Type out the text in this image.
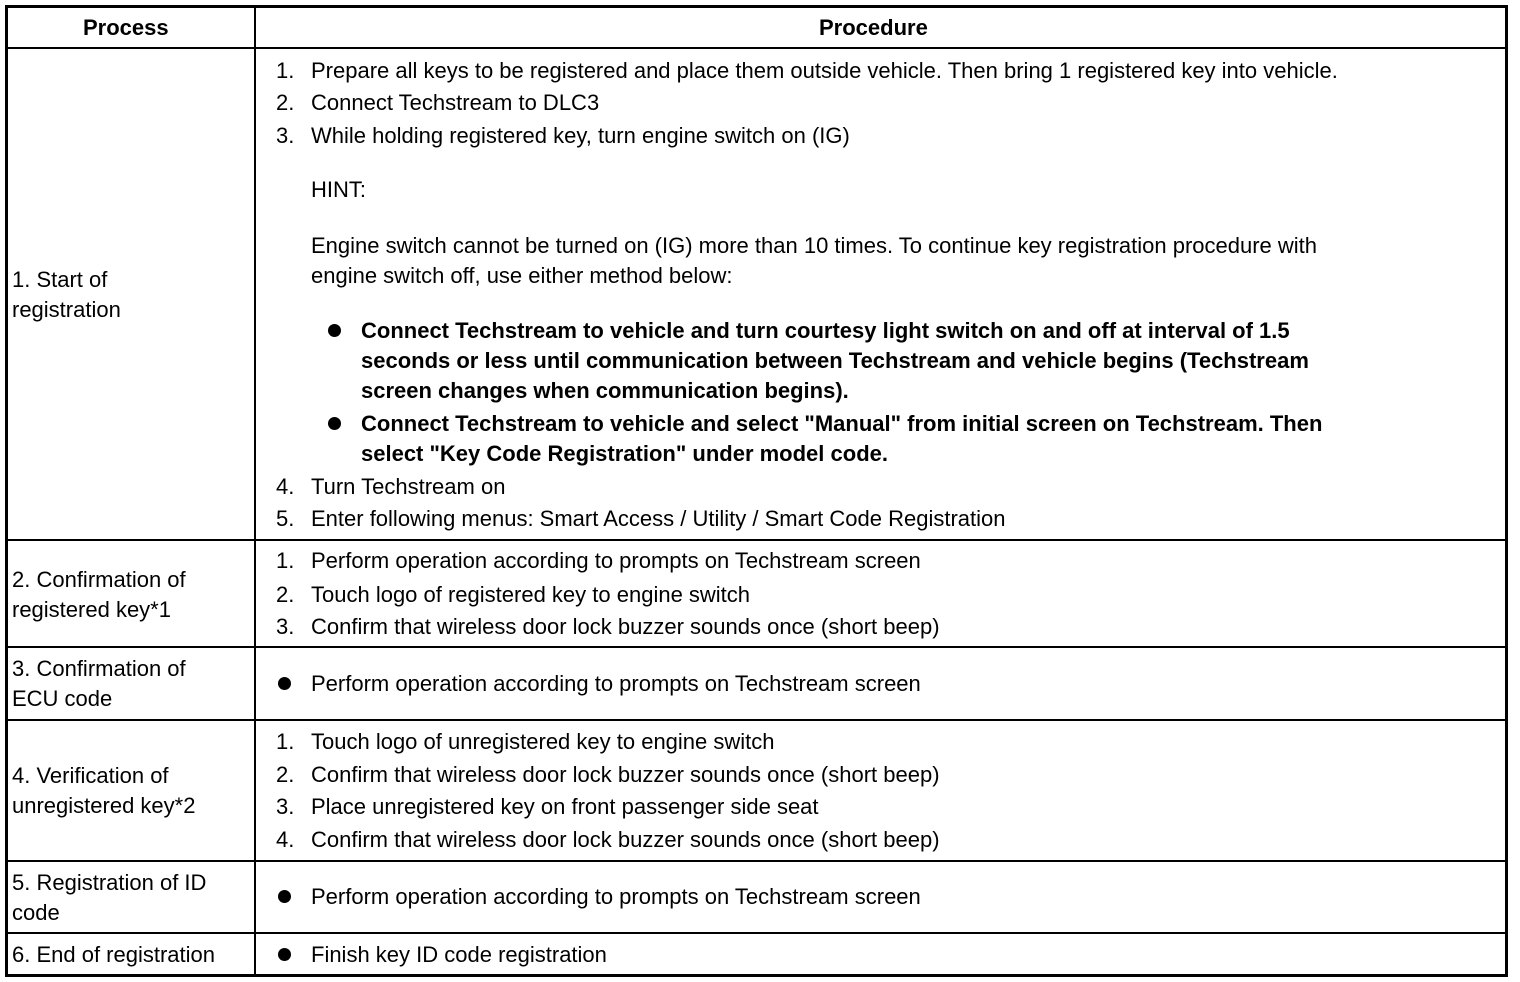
Process	Procedure
1. Start of
registration
1. Prepare all keys to be registered and place them outside vehicle. Then bring 1 registered key into vehicle.
2. Connect Techstream to DLC3
3. While holding registered key, turn engine switch on (IG)
HINT:
Engine switch cannot be turned on (IG) more than 10 times. To continue key registration procedure with
engine switch off, use either method below:
Connect Techstream to vehicle and turn courtesy light switch on and off at interval of 1.5
seconds or less until communication between Techstream and vehicle begins (Techstream
screen changes when communication begins).
Connect Techstream to vehicle and select "Manual" from initial screen on Techstream. Then
select "Key Code Registration" under model code.
4. Turn Techstream on
5. Enter following menus: Smart Access / Utility / Smart Code Registration
2. Confirmation of
registered key*1
1. Perform operation according to prompts on Techstream screen
2. Touch logo of registered key to engine switch
3. Confirm that wireless door lock buzzer sounds once (short beep)
3. Confirmation of
ECU code
Perform operation according to prompts on Techstream screen
4. Verification of
unregistered key*2
1. Touch logo of unregistered key to engine switch
2. Confirm that wireless door lock buzzer sounds once (short beep)
3. Place unregistered key on front passenger side seat
4. Confirm that wireless door lock buzzer sounds once (short beep)
5. Registration of ID
code
Perform operation according to prompts on Techstream screen
6. End of registration	Finish key ID code registration
